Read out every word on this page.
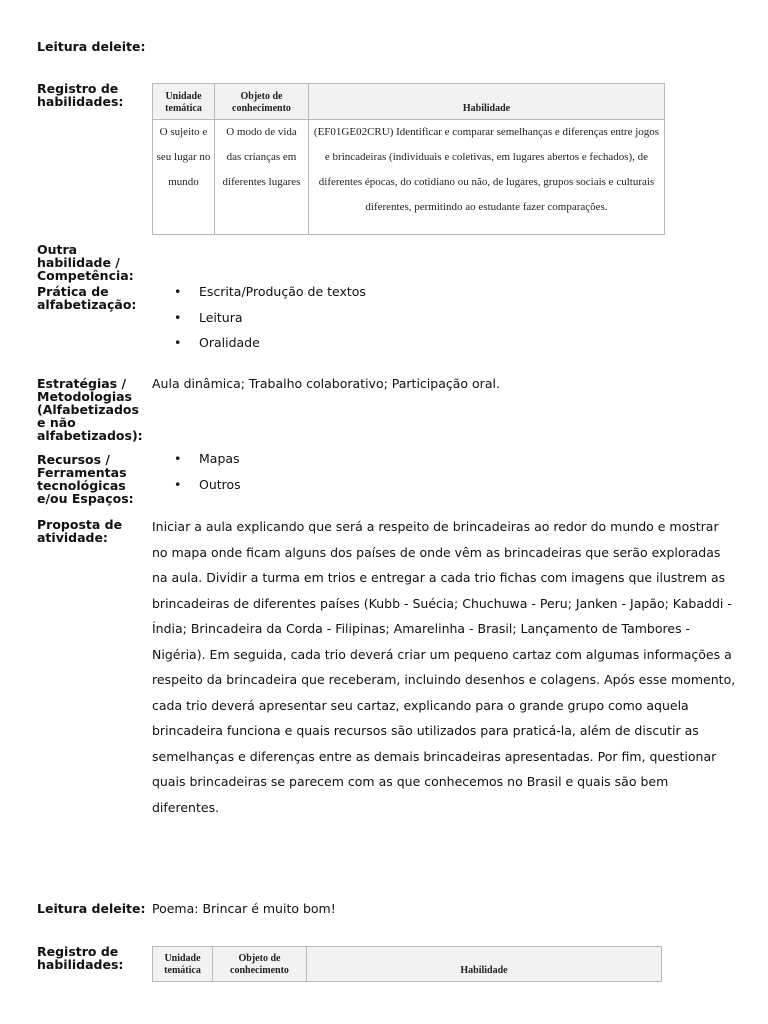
Leitura deleite:
Registro de habilidades:	Unidade temática	Objeto de conhecimento	Habilidade
O sujeito e seu lugar no mundo	O modo de vida das crianças em diferentes lugares	(EF01GE02CRU) Identificar e comparar semelhanças e diferenças entre jogos e brincadeiras (individuais e coletivas, em lugares abertos e fechados), de diferentes épocas, do cotidiano ou não, de lugares, grupos sociais e culturais diferentes, permitindo ao estudante fazer comparações.
Outra habilidade / Competência:
Prática de alfabetização:
• Escrita/Produção de textos
• Leitura
• Oralidade
Estratégias / Metodologias (Alfabetizados e não alfabetizados):
Aula dinâmica; Trabalho colaborativo; Participação oral.
Recursos / Ferramentas tecnológicas e/ou Espaços:
• Mapas
• Outros
Proposta de atividade:
Iniciar a aula explicando que será a respeito de brincadeiras ao redor do mundo e mostrar no mapa onde ficam alguns dos países de onde vêm as brincadeiras que serão exploradas na aula. Dividir a turma em trios e entregar a cada trio fichas com imagens que ilustrem as brincadeiras de diferentes países (Kubb - Suécia; Chuchuwa - Peru; Janken - Japão; Kabaddi - Índia; Brincadeira da Corda - Filipinas; Amarelinha - Brasil; Lançamento de Tambores - Nigéria). Em seguida, cada trio deverá criar um pequeno cartaz com algumas informações a respeito da brincadeira que receberam, incluindo desenhos e colagens. Após esse momento, cada trio deverá apresentar seu cartaz, explicando para o grande grupo como aquela brincadeira funciona e quais recursos são utilizados para praticá-la, além de discutir as semelhanças e diferenças entre as demais brincadeiras apresentadas. Por fim, questionar quais brincadeiras se parecem com as que conhecemos no Brasil e quais são bem diferentes.
Leitura deleite: Poema: Brincar é muito bom!
Registro de habilidades:	Unidade temática	Objeto de conhecimento	Habilidade
